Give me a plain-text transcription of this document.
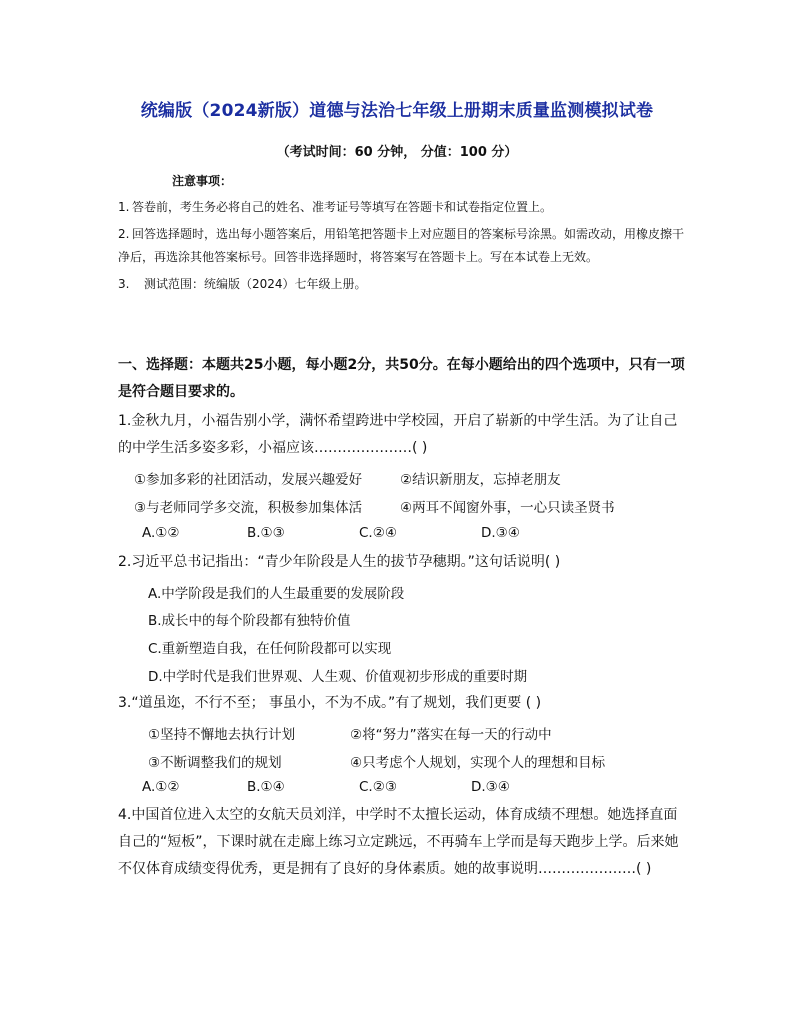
统编版（2024新版）道德与法治七年级上册期末质量监测模拟试卷
（考试时间：60 分钟， 分值：100 分）
注意事项：

1. 答卷前，考生务必将自己的姓名、准考证号等填写在答题卡和试卷指定位置上。

2. 回答选择题时，选出每小题答案后，用铅笔把答题卡上对应题目的答案标号涂黑。如需改动，用橡皮擦干净后，再选涂其他答案标号。回答非选择题时，将答案写在答题卡上。写在本试卷上无效。

3. 测试范围：统编版（2024）七年级上册。

一、选择题：本题共25小题，每小题2分，共50分。在每小题给出的四个选项中，只有一项是符合题目要求的。
1.金秋九月，小福告别小学，满怀希望跨进中学校园，开启了崭新的中学生活。为了让自己的中学生活多姿多彩，小福应该…………………( )
①参加多彩的社团活动，发展兴趣爱好	②结识新朋友，忘掉老朋友
③与老师同学多交流，积极参加集体活	④两耳不闻窗外事，一心只读圣贤书
A.①②	B.①③	C.②④	D.③④
2.习近平总书记指出：“青少年阶段是人生的拔节孕穗期。”这句话说明( )
A.中学阶段是我们的人生最重要的发展阶段
B.成长中的每个阶段都有独特价值
C.重新塑造自我，在任何阶段都可以实现
D.中学时代是我们世界观、人生观、价值观初步形成的重要时期
3.“道虽迩，不行不至； 事虽小，不为不成。”有了规划，我们更要 ( )
①坚持不懈地去执行计划	②将“努力”落实在每一天的行动中
③不断调整我们的规划	④只考虑个人规划，实现个人的理想和目标
A.①②	B.①④	C.②③	D.③④
4.中国首位进入太空的女航天员刘洋，中学时不太擅长运动，体育成绩不理想。她选择直面自己的“短板”，下课时就在走廊上练习立定跳远，不再骑车上学而是每天跑步上学。后来她不仅体育成绩变得优秀，更是拥有了良好的身体素质。她的故事说明…………………( )
